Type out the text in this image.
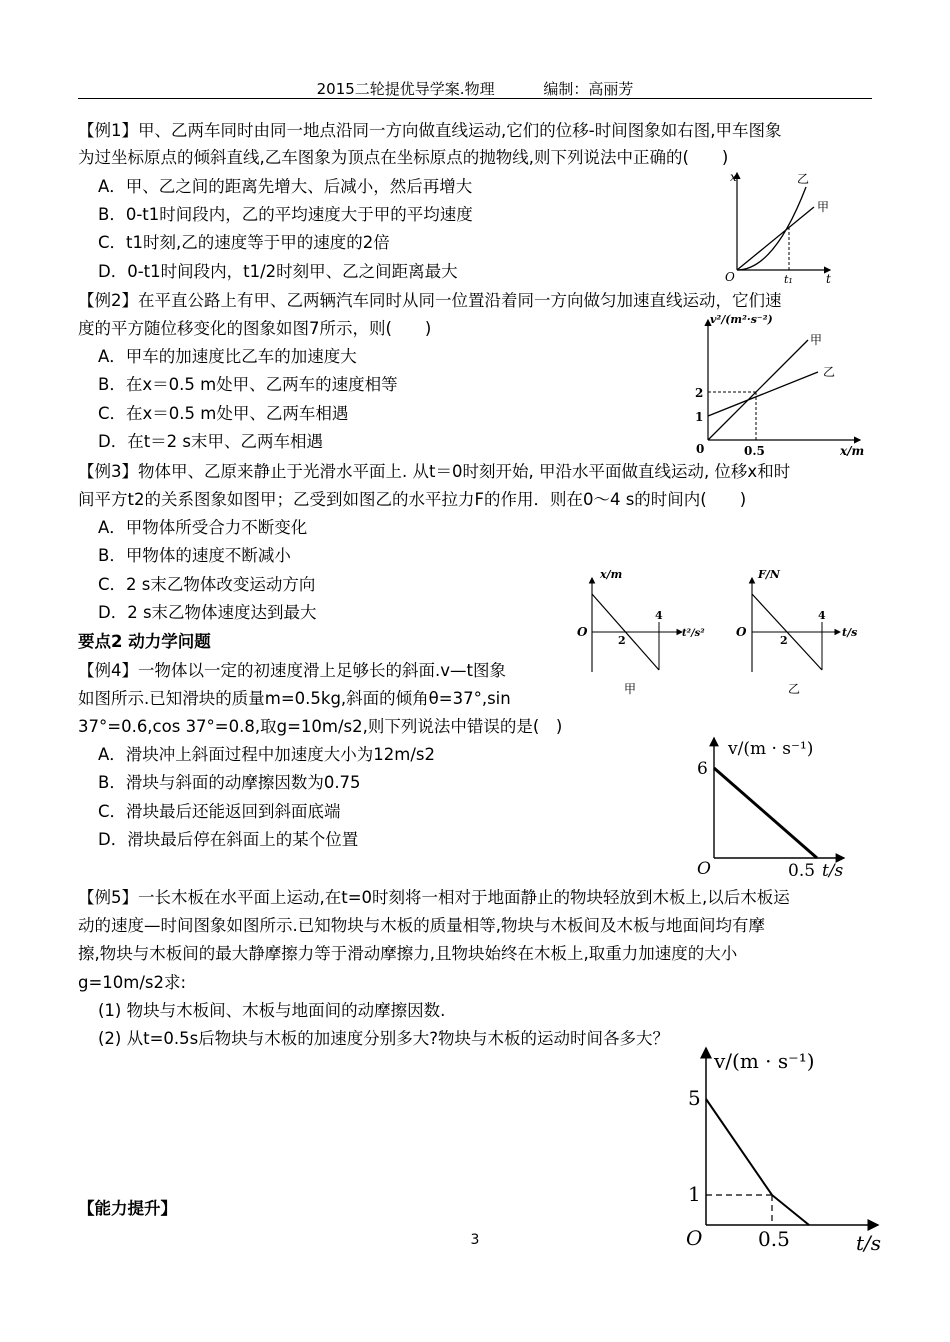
2015二轮提优导学案.物理	编制：高丽芳
【例1】甲、乙两车同时由同一地点沿同一方向做直线运动,它们的位移-时间图象如右图,甲车图象
为过坐标原点的倾斜直线,乙车图象为顶点在坐标原点的抛物线,则下列说法中正确的(　　)
A．甲、乙之间的距离先增大、后减小，然后再增大
B．0-t1时间段内，乙的平均速度大于甲的平均速度
C．t1时刻,乙的速度等于甲的速度的2倍
D．0-t1时间段内，t1/2时刻甲、乙之间距离最大
x
t
O	t₁
甲
乙
【例2】在平直公路上有甲、乙两辆汽车同时从同一位置沿着同一方向做匀加速直线运动，它们速
度的平方随位移变化的图象如图7所示，则(　　)
A．甲车的加速度比乙车的加速度大
B．在x＝0.5 m处甲、乙两车的速度相等
C．在x＝0.5 m处甲、乙两车相遇
D．在t＝2 s末甲、乙两车相遇
v²/(m²·s⁻²)
x/m
0
2
1
0.5
甲
乙
【例3】物体甲、乙原来静止于光滑水平面上. 从t＝0时刻开始, 甲沿水平面做直线运动, 位移x和时
间平方t2的关系图象如图甲；乙受到如图乙的水平拉力F的作用．则在0～4 s的时间内(　　)
A．甲物体所受合力不断变化
B．甲物体的速度不断减小
C．2 s末乙物体改变运动方向
D．2 s末乙物体速度达到最大
x/m
t²/s²
O
2
4
甲
F/N
t/s
O
2
4
乙
要点2 动力学问题
【例4】一物体以一定的初速度滑上足够长的斜面.v—t图象
如图所示.已知滑块的质量m=0.5kg,斜面的倾角θ=37°,sin
37°=0.6,cos 37°=0.8,取g=10m/s2,则下列说法中错误的是(　)
A．滑块冲上斜面过程中加速度大小为12m/s2
B．滑块与斜面的动摩擦因数为0.75
C．滑块最后还能返回到斜面底端
D．滑块最后停在斜面上的某个位置
v/(m · s⁻¹)
6
O	0.5 t/s
【例5】一长木板在水平面上运动,在t=0时刻将一相对于地面静止的物块轻放到木板上,以后木板运
动的速度—时间图象如图所示.已知物块与木板的质量相等,物块与木板间及木板与地面间均有摩
擦,物块与木板间的最大静摩擦力等于滑动摩擦力,且物块始终在木板上,取重力加速度的大小
g=10m/s2求:
(1) 物块与木板间、木板与地面间的动摩擦因数.
(2) 从t=0.5s后物块与木板的加速度分别多大?物块与木板的运动时间各多大？
v/(m · s⁻¹)
5
1
O	0.5	t/s
【能力提升】
3
